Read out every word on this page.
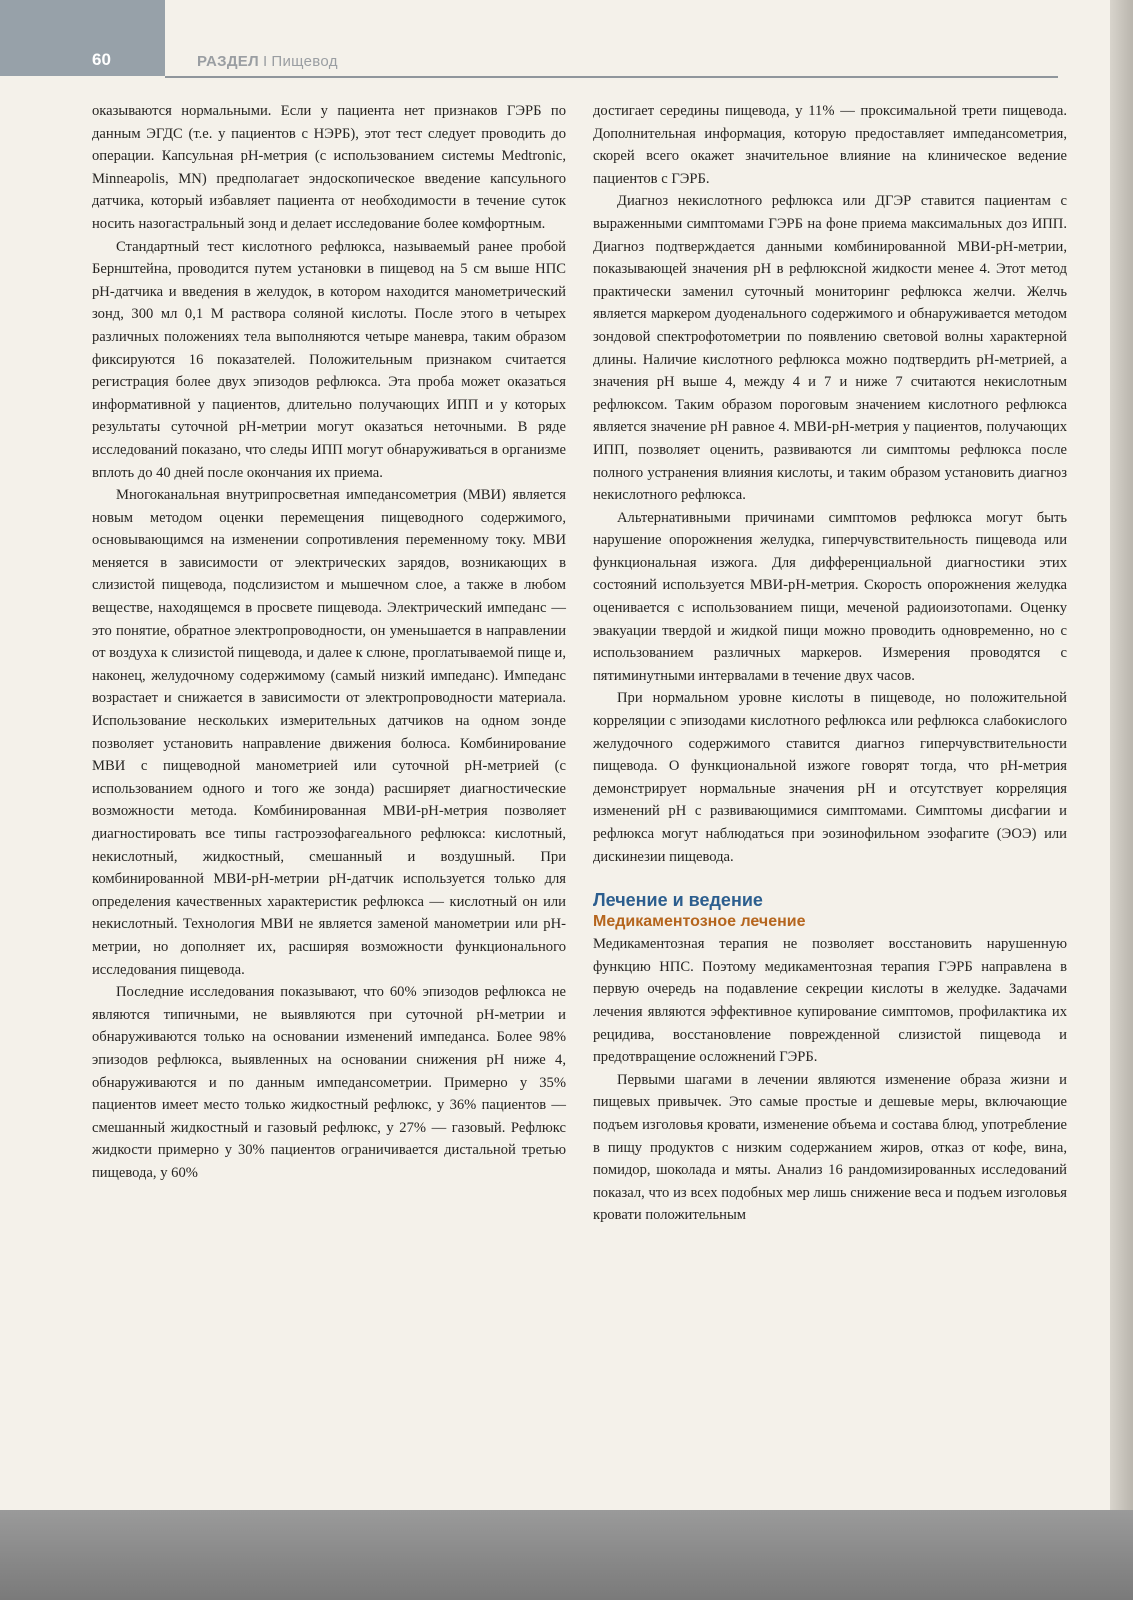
60	РАЗДЕЛ I Пищевод

оказываются нормальными. Если у пациента нет признаков ГЭРБ по данным ЭГДС (т.е. у пациентов с НЭРБ), этот тест следует проводить до операции. Капсульная рН-метрия (с использованием системы Medtronic, Minneapolis, MN) предполагает эндоскопическое введение капсульного датчика, который избавляет пациента от необходимости в течение суток носить назогастральный зонд и делает исследование более комфортным.

Стандартный тест кислотного рефлюкса, называемый ранее пробой Бернштейна, проводится путем установки в пищевод на 5 см выше НПС рН-датчика и введения в желудок, в котором находится манометрический зонд, 300 мл 0,1 М раствора соляной кислоты. После этого в четырех различных положениях тела выполняются четыре маневра, таким образом фиксируются 16 показателей. Положительным признаком считается регистрация более двух эпизодов рефлюкса. Эта проба может оказаться информативной у пациентов, длительно получающих ИПП и у которых результаты суточной рН-метрии могут оказаться неточными. В ряде исследований показано, что следы ИПП могут обнаруживаться в организме вплоть до 40 дней после окончания их приема.

Многоканальная внутрипросветная импедансометрия (МВИ) является новым методом оценки перемещения пищеводного содержимого, основывающимся на изменении сопротивления переменному току. МВИ меняется в зависимости от электрических зарядов, возникающих в слизистой пищевода, подслизистом и мышечном слое, а также в любом веществе, находящемся в просвете пищевода. Электрический импеданс — это понятие, обратное электропроводности, он уменьшается в направлении от воздуха к слизистой пищевода, и далее к слюне, проглатываемой пище и, наконец, желудочному содержимому (самый низкий импеданс). Импеданс возрастает и снижается в зависимости от электропроводности материала. Использование нескольких измерительных датчиков на одном зонде позволяет установить направление движения болюса. Комбинирование МВИ с пищеводной манометрией или суточной рН-метрией (с использованием одного и того же зонда) расширяет диагностические возможности метода. Комбинированная МВИ-рН-метрия позволяет диагностировать все типы гастроэзофагеального рефлюкса: кислотный, некислотный, жидкостный, смешанный и воздушный. При комбинированной МВИ-рН-метрии рН-датчик используется только для определения качественных характеристик рефлюкса — кислотный он или некислотный. Технология МВИ не является заменой манометрии или рН-метрии, но дополняет их, расширяя возможности функционального исследования пищевода.

Последние исследования показывают, что 60% эпизодов рефлюкса не являются типичными, не выявляются при суточной рН-метрии и обнаруживаются только на основании изменений импеданса. Более 98% эпизодов рефлюкса, выявленных на основании снижения рН ниже 4, обнаруживаются и по данным импедансометрии. Примерно у 35% пациентов имеет место только жидкостный рефлюкс, у 36% пациентов — смешанный жидкостный и газовый рефлюкс, у 27% — газовый. Рефлюкс жидкости примерно у 30% пациентов ограничивается дистальной третью пищевода, у 60%

достигает середины пищевода, у 11% — проксимальной трети пищевода. Дополнительная информация, которую предоставляет импедансометрия, скорей всего окажет значительное влияние на клиническое ведение пациентов с ГЭРБ.

Диагноз некислотного рефлюкса или ДГЭР ставится пациентам с выраженными симптомами ГЭРБ на фоне приема максимальных доз ИПП. Диагноз подтверждается данными комбинированной МВИ-рН-метрии, показывающей значения рН в рефлюксной жидкости менее 4. Этот метод практически заменил суточный мониторинг рефлюкса желчи. Желчь является маркером дуоденального содержимого и обнаруживается методом зондовой спектрофотометрии по появлению световой волны характерной длины. Наличие кислотного рефлюкса можно подтвердить рН-метрией, а значения рН выше 4, между 4 и 7 и ниже 7 считаются некислотным рефлюксом. Таким образом пороговым значением кислотного рефлюкса является значение рН равное 4. МВИ-рН-метрия у пациентов, получающих ИПП, позволяет оценить, развиваются ли симптомы рефлюкса после полного устранения влияния кислоты, и таким образом установить диагноз некислотного рефлюкса.

Альтернативными причинами симптомов рефлюкса могут быть нарушение опорожнения желудка, гиперчувствительность пищевода или функциональная изжога. Для дифференциальной диагностики этих состояний используется МВИ-рН-метрия. Скорость опорожнения желудка оценивается с использованием пищи, меченой радиоизотопами. Оценку эвакуации твердой и жидкой пищи можно проводить одновременно, но с использованием различных маркеров. Измерения проводятся с пятиминутными интервалами в течение двух часов.

При нормальном уровне кислоты в пищеводе, но положительной корреляции с эпизодами кислотного рефлюкса или рефлюкса слабокислого желудочного содержимого ставится диагноз гиперчувствительности пищевода. О функциональной изжоге говорят тогда, что рН-метрия демонстрирует нормальные значения рН и отсутствует корреляция изменений рН с развивающимися симптомами. Симптомы дисфагии и рефлюкса могут наблюдаться при эозинофильном эзофагите (ЭОЭ) или дискинезии пищевода.

Лечение и ведение
Медикаментозное лечение

Медикаментозная терапия не позволяет восстановить нарушенную функцию НПС. Поэтому медикаментозная терапия ГЭРБ направлена в первую очередь на подавление секреции кислоты в желудке. Задачами лечения являются эффективное купирование симптомов, профилактика их рецидива, восстановление поврежденной слизистой пищевода и предотвращение осложнений ГЭРБ.

Первыми шагами в лечении являются изменение образа жизни и пищевых привычек. Это самые простые и дешевые меры, включающие подъем изголовья кровати, изменение объема и состава блюд, употребление в пищу продуктов с низким содержанием жиров, отказ от кофе, вина, помидор, шоколада и мяты. Анализ 16 рандомизированных исследований показал, что из всех подобных мер лишь снижение веса и подъем изголовья кровати положительным
